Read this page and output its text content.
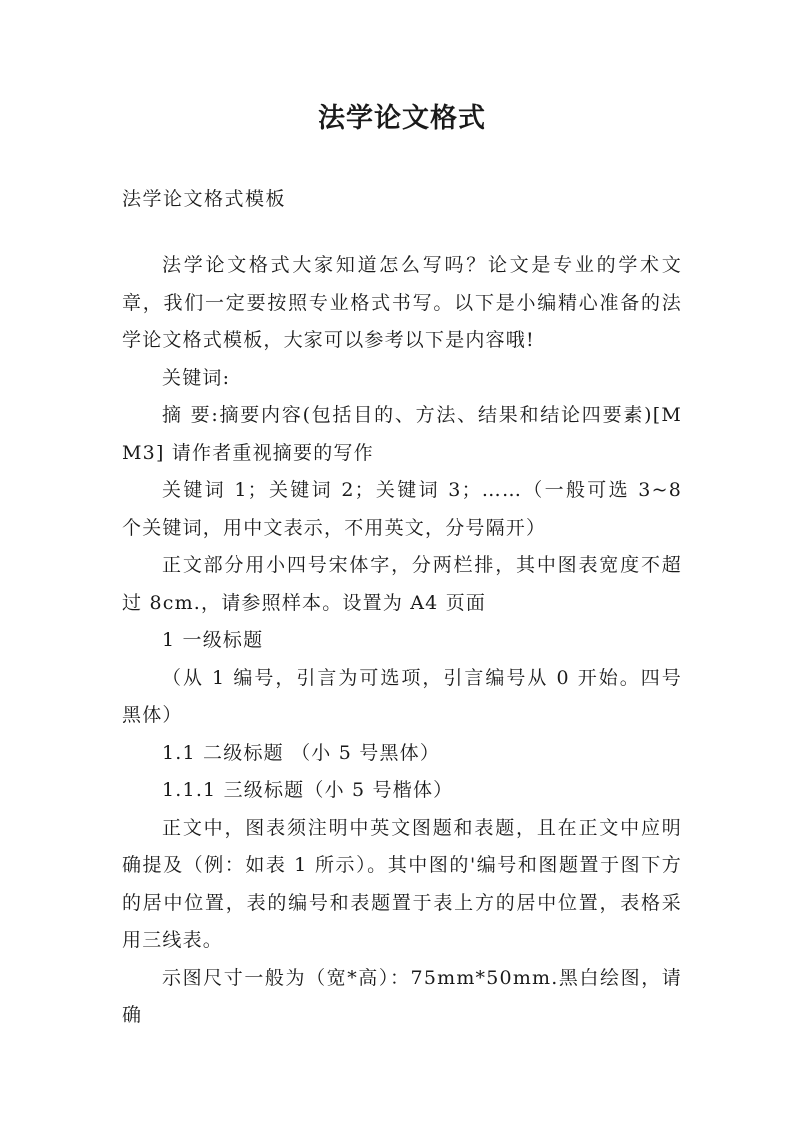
法学论文格式

法学论文格式模板

法学论文格式大家知道怎么写吗？论文是专业的学术文章，我们一定要按照专业格式书写。以下是小编精心准备的法学论文格式模板，大家可以参考以下是内容哦!

关键词:

摘 要:摘要内容(包括目的、方法、结果和结论四要素)[MM3] 请作者重视摘要的写作

关键词 1；关键词 2；关键词 3；……（一般可选 3~8 个关键词，用中文表示，不用英文，分号隔开）

正文部分用小四号宋体字，分两栏排，其中图表宽度不超过 8cm.，请参照样本。设置为 A4 页面

1 一级标题

（从 1 编号，引言为可选项，引言编号从 0 开始。四号黑体）

1.1 二级标题 （小 5 号黑体）

1.1.1 三级标题（小 5 号楷体）

正文中，图表须注明中英文图题和表题，且在正文中应明确提及（例：如表 1 所示）。其中图的'编号和图题置于图下方的居中位置，表的编号和表题置于表上方的居中位置，表格采用三线表。

示图尺寸一般为（宽*高）：75mm*50mm.黑白绘图，请确
